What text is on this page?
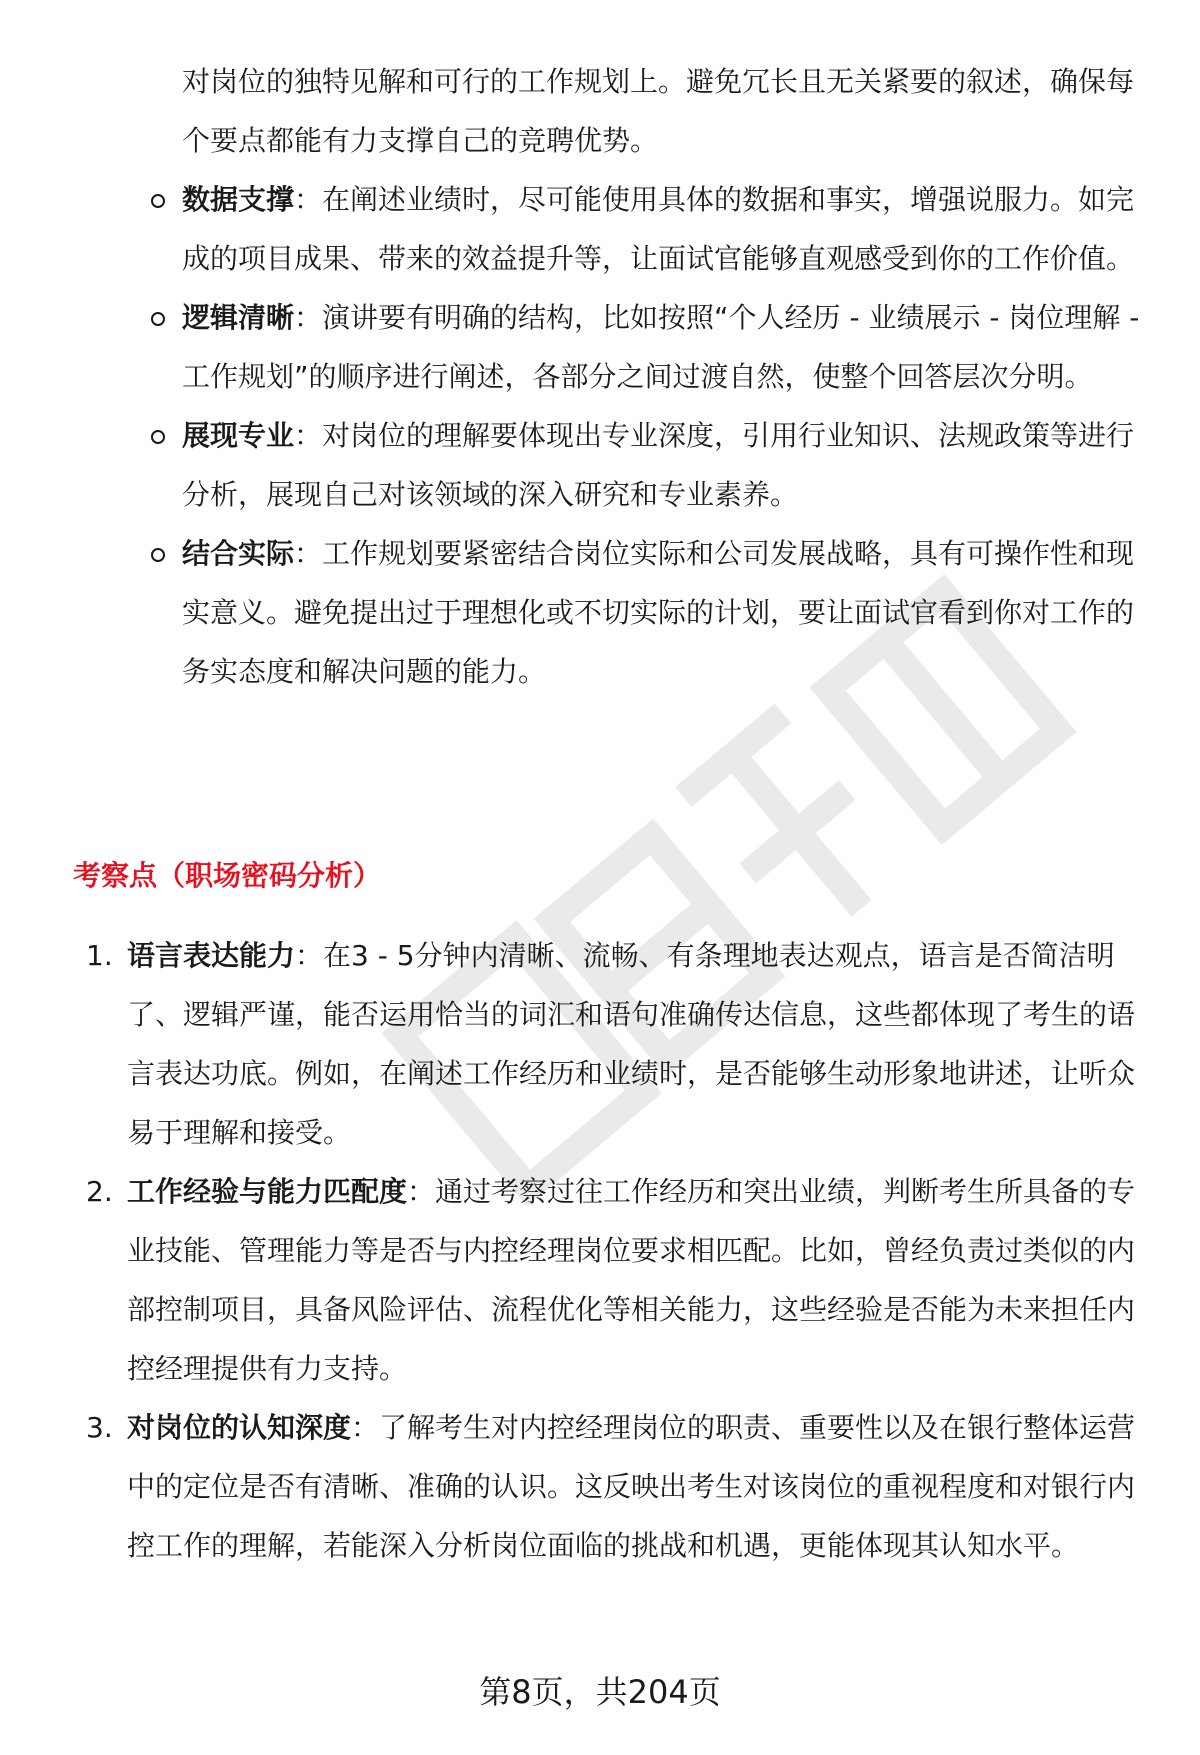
对岗位的独特见解和可行的工作规划上。避免冗长且无关紧要的叙述，确保每个要点都能有力支撑自己的竞聘优势。
数据支撑：在阐述业绩时，尽可能使用具体的数据和事实，增强说服力。如完成的项目成果、带来的效益提升等，让面试官能够直观感受到你的工作价值。
逻辑清晰：演讲要有明确的结构，比如按照“个人经历 - 业绩展示 - 岗位理解 - 工作规划”的顺序进行阐述，各部分之间过渡自然，使整个回答层次分明。
展现专业：对岗位的理解要体现出专业深度，引用行业知识、法规政策等进行分析，展现自己对该领域的深入研究和专业素养。
结合实际：工作规划要紧密结合岗位实际和公司发展战略，具有可操作性和现实意义。避免提出过于理想化或不切实际的计划，要让面试官看到你对工作的务实态度和解决问题的能力。
考察点（职场密码分析）
1. 语言表达能力：在3 - 5分钟内清晰、流畅、有条理地表达观点，语言是否简洁明了、逻辑严谨，能否运用恰当的词汇和语句准确传达信息，这些都体现了考生的语言表达功底。例如，在阐述工作经历和业绩时，是否能够生动形象地讲述，让听众易于理解和接受。
2. 工作经验与能力匹配度：通过考察过往工作经历和突出业绩，判断考生所具备的专业技能、管理能力等是否与内控经理岗位要求相匹配。比如，曾经负责过类似的内部控制项目，具备风险评估、流程优化等相关能力，这些经验是否能为未来担任内控经理提供有力支持。
3. 对岗位的认知深度：了解考生对内控经理岗位的职责、重要性以及在银行整体运营中的定位是否有清晰、准确的认识。这反映出考生对该岗位的重视程度和对银行内控工作的理解，若能深入分析岗位面临的挑战和机遇，更能体现其认知水平。
第8页，共204页
